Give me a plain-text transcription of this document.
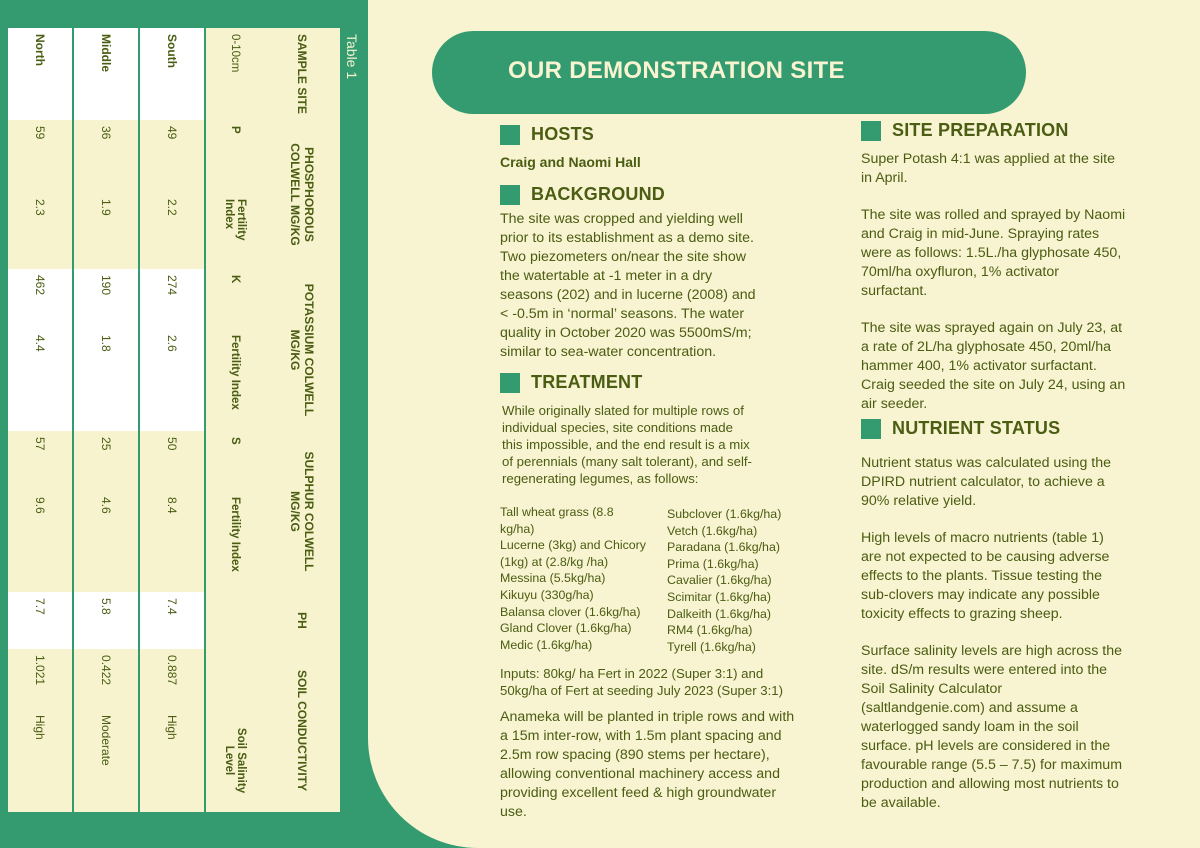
Table 1
SAMPLE SITE	PHOSPHOROUS COLWELL MG/KG		POTASSIUM COLWELL MG/KG		SULPHUR COLWELL MG/KG		PH	SOIL CONDUCTIVITY	
0-10cm	P	Fertility Index	K	Fertility Index	S	Fertility Index			Soil Salinity Level
South	49	2.2	274	2.6	50	8.4	7.4	0.887	High
Middle	36	1.9	190	1.8	25	4.6	5.8	0.422	Moderate
North	59	2.3	462	4.4	57	9.6	7.7	1.021	High
OUR DEMONSTRATION SITE
HOSTS

Craig and Naomi Hall

BACKGROUND

The site was cropped and yielding well
prior to its establishment as a demo site.
Two piezometers on/near the site show
the watertable at -1 meter in a dry
seasons (202) and in lucerne (2008) and
< -0.5m in ‘normal’ seasons. The water
quality in October 2020 was 5500mS/m;
similar to sea-water concentration.

TREATMENT

While originally slated for multiple rows of
individual species, site conditions made
this impossible, and the end result is a mix
of perennials (many salt tolerant), and self-
regenerating legumes, as follows:

Tall wheat grass (8.8
kg/ha)
Lucerne (3kg) and Chicory
(1kg) at (2.8/kg /ha)
Messina (5.5kg/ha)
Kikuyu (330g/ha)
Balansa clover (1.6kg/ha)
Gland Clover (1.6kg/ha)
Medic (1.6kg/ha)
Subclover (1.6kg/ha)
Vetch (1.6kg/ha)
Paradana (1.6kg/ha)
Prima (1.6kg/ha)
Cavalier (1.6kg/ha)
Scimitar (1.6kg/ha)
Dalkeith (1.6kg/ha)
RM4 (1.6kg/ha)
Tyrell (1.6kg/ha)

Inputs: 80kg/ ha Fert in 2022 (Super 3:1) and
50kg/ha of Fert at seeding July 2023 (Super 3:1)

Anameka will be planted in triple rows and with
a 15m inter-row, with 1.5m plant spacing and
2.5m row spacing (890 stems per hectare),
allowing conventional machinery access and
providing excellent feed & high groundwater
use.

SITE PREPARATION

Super Potash 4:1 was applied at the site
in April.

The site was rolled and sprayed by Naomi
and Craig in mid-June. Spraying rates
were as follows: 1.5L./ha glyphosate 450,
70ml/ha oxyfluron, 1% activator
surfactant.

The site was sprayed again on July 23, at
a rate of 2L/ha glyphosate 450, 20ml/ha
hammer 400, 1% activator surfactant.
Craig seeded the site on July 24, using an
air seeder.

NUTRIENT STATUS

Nutrient status was calculated using the
DPIRD nutrient calculator, to achieve a
90% relative yield.

High levels of macro nutrients (table 1)
are not expected to be causing adverse
effects to the plants. Tissue testing the
sub-clovers may indicate any possible
toxicity effects to grazing sheep.

Surface salinity levels are high across the
site. dS/m results were entered into the
Soil Salinity Calculator
(saltlandgenie.com) and assume a
waterlogged sandy loam in the soil
surface. pH levels are considered in the
favourable range (5.5 – 7.5) for maximum
production and allowing most nutrients to
be available.
